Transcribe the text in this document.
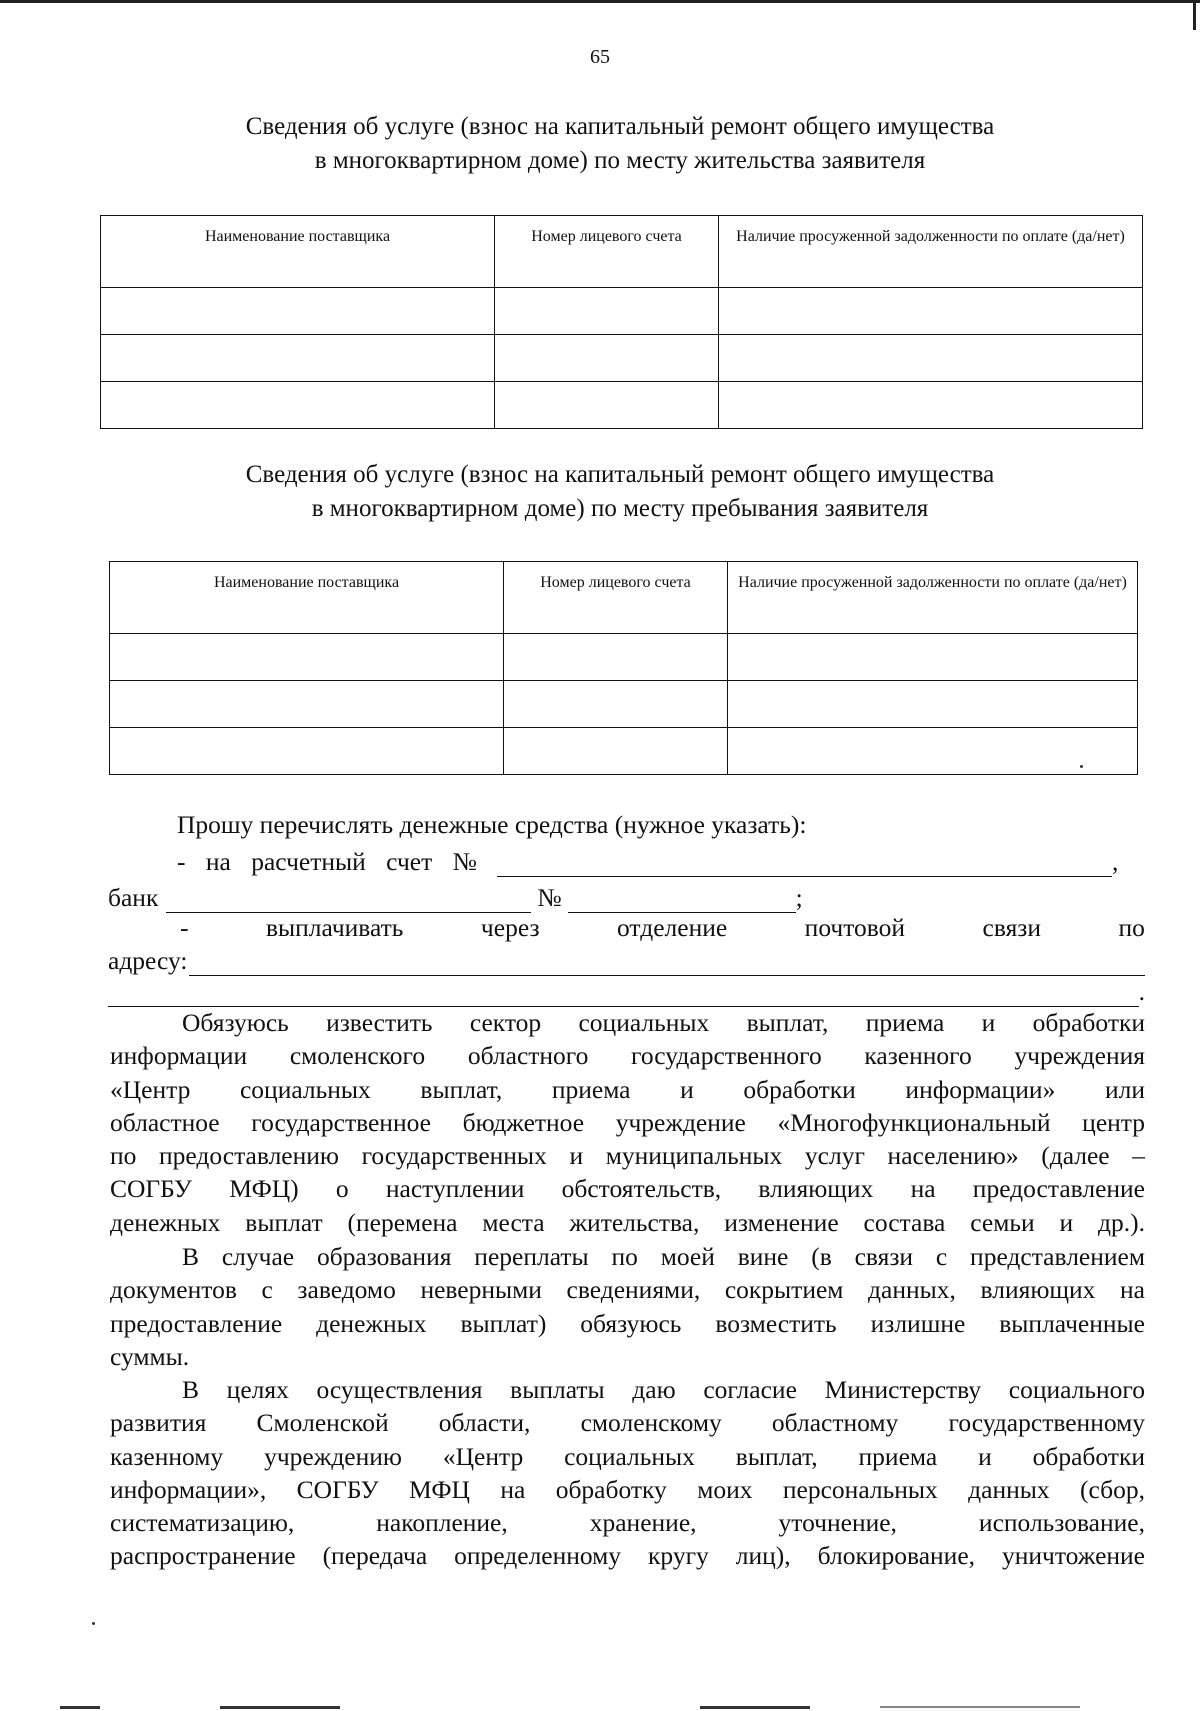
65
Сведения об услуге (взнос на капитальный ремонт общего имущества
в многоквартирном доме) по месту жительства заявителя
Наименование поставщика	Номер лицевого счета	Наличие просуженной задолженности по оплате (да/нет)

Сведения об услуге (взнос на капитальный ремонт общего имущества
в многоквартирном доме) по месту пребывания заявителя
Наименование поставщика	Номер лицевого счета	Наличие просуженной задолженности по оплате (да/нет)

Прошу перечислять денежные средства (нужное указать):
- на расчетный счет №	,
банк	№	;
-	выплачивать	через	отделение	почтовой	связи	по
адресу:
.
Обязуюсь известить сектор социальных выплат, приема и обработки
информации смоленского областного государственного казенного учреждения
«Центр социальных выплат, приема и обработки информации» или
областное государственное бюджетное учреждение «Многофункциональный центр
по предоставлению государственных и муниципальных услуг населению» (далее –
СОГБУ МФЦ) о наступлении обстоятельств, влияющих на предоставление
денежных выплат (перемена места жительства, изменение состава семьи и др.).
В случае образования переплаты по моей вине (в связи с представлением
документов с заведомо неверными сведениями, сокрытием данных, влияющих на
предоставление денежных выплат) обязуюсь возместить излишне выплаченные
суммы.
В целях осуществления выплаты даю согласие Министерству социального
развития Смоленской области, смоленскому областному государственному
казенному учреждению «Центр социальных выплат, приема и обработки
информации», СОГБУ МФЦ на обработку моих персональных данных (сбор,
систематизацию, накопление, хранение, уточнение, использование,
распространение (передача определенному кругу лиц), блокирование, уничтожение
